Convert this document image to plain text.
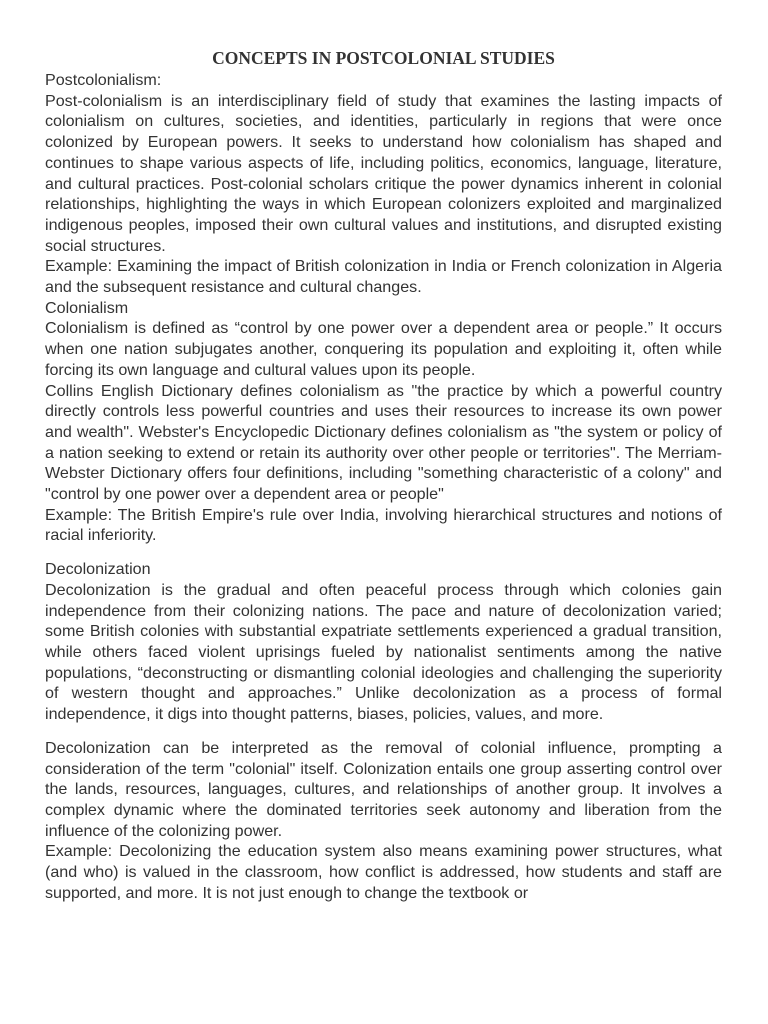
CONCEPTS IN POSTCOLONIAL STUDIES

Postcolonialism:

Post-colonialism is an interdisciplinary field of study that examines the lasting impacts of colonialism on cultures, societies, and identities, particularly in regions that were once colonized by European powers. It seeks to understand how colonialism has shaped and continues to shape various aspects of life, including politics, economics, language, literature, and cultural practices. Post-colonial scholars critique the power dynamics inherent in colonial relationships, highlighting the ways in which European colonizers exploited and marginalized indigenous peoples, imposed their own cultural values and institutions, and disrupted existing social structures.

Example: Examining the impact of British colonization in India or French colonization in Algeria and the subsequent resistance and cultural changes.

Colonialism

Colonialism is defined as “control by one power over a dependent area or people.” It occurs when one nation subjugates another, conquering its population and exploiting it, often while forcing its own language and cultural values upon its people.

Collins English Dictionary defines colonialism as "the practice by which a powerful country directly controls less powerful countries and uses their resources to increase its own power and wealth". Webster's Encyclopedic Dictionary defines colonialism as "the system or policy of a nation seeking to extend or retain its authority over other people or territories". The Merriam-Webster Dictionary offers four definitions, including "something characteristic of a colony" and "control by one power over a dependent area or people"

Example: The British Empire's rule over India, involving hierarchical structures and notions of racial inferiority.

Decolonization

Decolonization is the gradual and often peaceful process through which colonies gain independence from their colonizing nations. The pace and nature of decolonization varied; some British colonies with substantial expatriate settlements experienced a gradual transition, while others faced violent uprisings fueled by nationalist sentiments among the native populations, “deconstructing or dismantling colonial ideologies and challenging the superiority of western thought and approaches.” Unlike decolonization as a process of formal independence, it digs into thought patterns, biases, policies, values, and more.

Decolonization can be interpreted as the removal of colonial influence, prompting a consideration of the term "colonial" itself. Colonization entails one group asserting control over the lands, resources, languages, cultures, and relationships of another group. It involves a complex dynamic where the dominated territories seek autonomy and liberation from the influence of the colonizing power.

Example: Decolonizing the education system also means examining power structures, what (and who) is valued in the classroom, how conflict is addressed, how students and staff are supported, and more. It is not just enough to change the textbook or
